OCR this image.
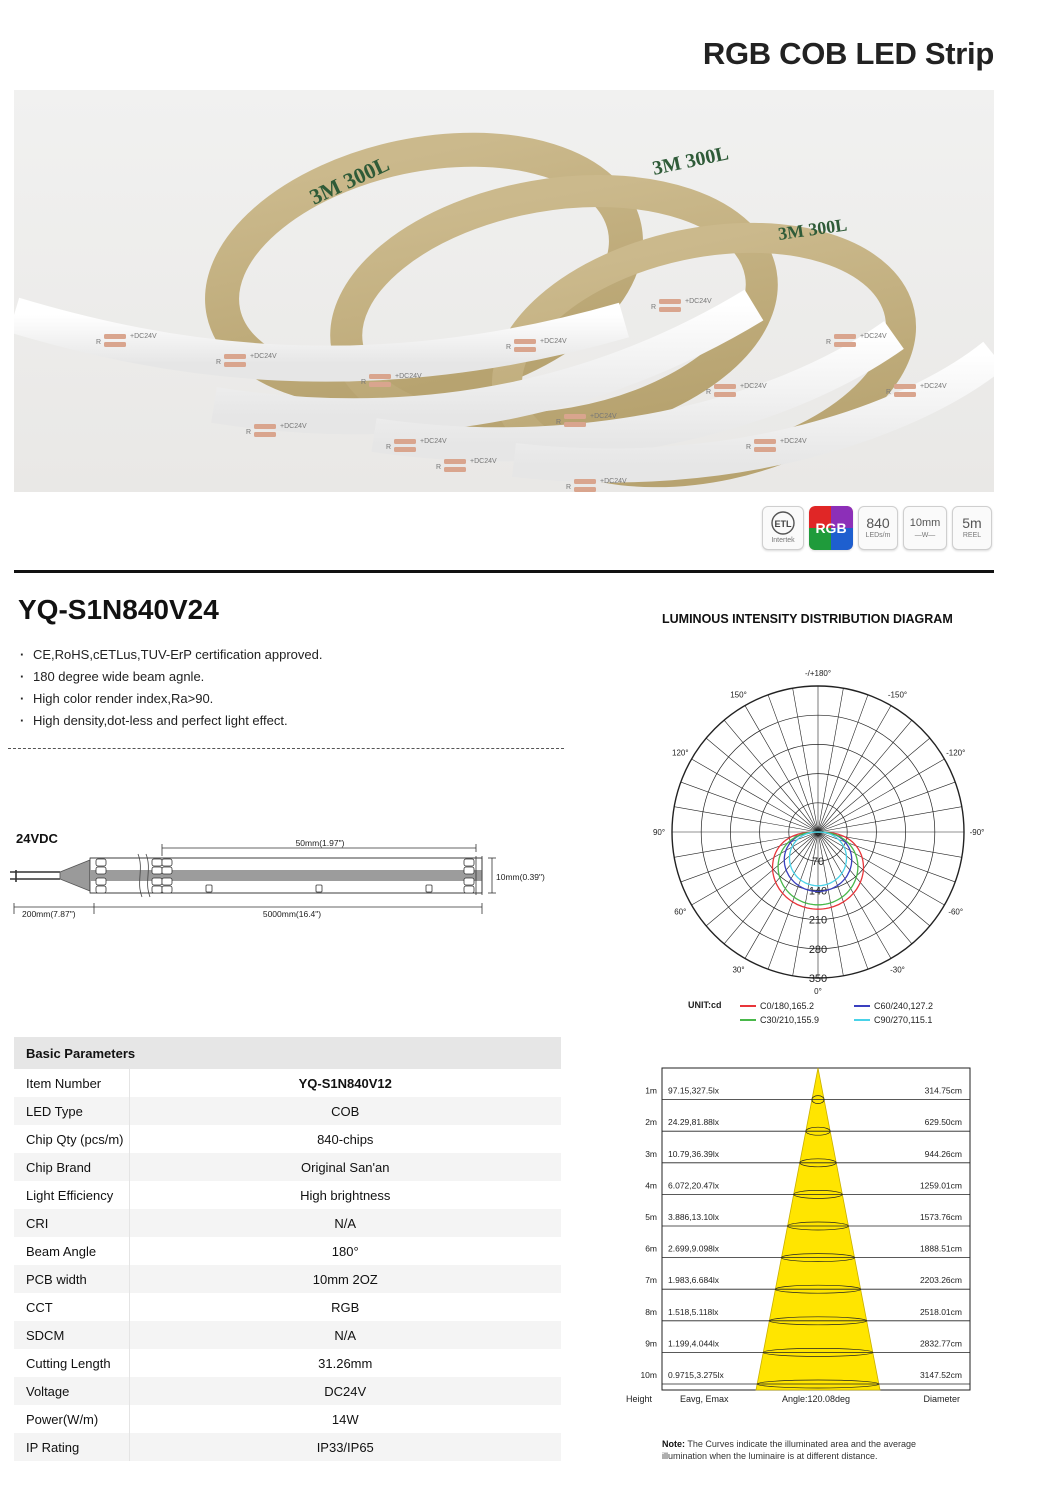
RGB COB LED Strip
3M 300L	3M 300L
3M 300L
+DC24V
R
+DC24V
R
+DC24V
R
+DC24V
R
+DC24V
R
+DC24V
R
+DC24V
R
+DC24V
R
+DC24V
R
+DC24V
R
+DC24V
R
+DC24V
R
+DC24V
R
+DC24V
R
ETL
Intertek
RGB 840
LEDs/m
10mm
—W—
5m
REEL
YQ-S1N840V24
· CE,RoHS,cETLus,TUV-ErP certification approved.
· 180 degree wide beam agnle.
· High color render index,Ra>90.
· High density,dot-less and perfect light effect.
24VDC	50mm(1.97")
10mm(0.39")
200mm(7.87")	5000mm(16.4")
Basic Parameters	
Item Number	YQ-S1N840V12
LED Type	COB
Chip Qty (pcs/m)	840-chips
Chip Brand	Original San'an
Light Efficiency	High brightness
CRI	N/A
Beam Angle	180°
PCB width	10mm 2OZ
CCT	RGB
SDCM	N/A
Cutting Length	31.26mm
Voltage	DC24V
Power(W/m)	14W
IP Rating	IP33/IP65
LUMINOUS INTENSITY DISTRIBUTION DIAGRAM
-/+180°
-150°
150°
-120°
120°
-90°
90°
-60°
60°
-30°
30°
0°
0
70
140
210
280
350
UNIT:cd	C0/180,165.2	C60/240,127.2
C30/210,155.9	C90/270,115.1
1m 97.15,327.5lx	314.75cm
2m 24.29,81.88lx	629.50cm
3m 10.79,36.39lx	944.26cm
4m 6.072,20.47lx	1259.01cm
5m 3.886,13.10lx	1573.76cm
6m 2.699,9.098lx	1888.51cm
7m 1.983,6.684lx	2203.26cm
8m 1.518,5.118lx	2518.01cm
9m 1.199,4.044lx	2832.77cm
10m 0.9715,3.275lx	3147.52cm
Height	Eavg, Emax	Angle:120.08deg	Diameter
Note: The Curves indicate the illuminated area and the average illumination when the luminaire is at different distance.
